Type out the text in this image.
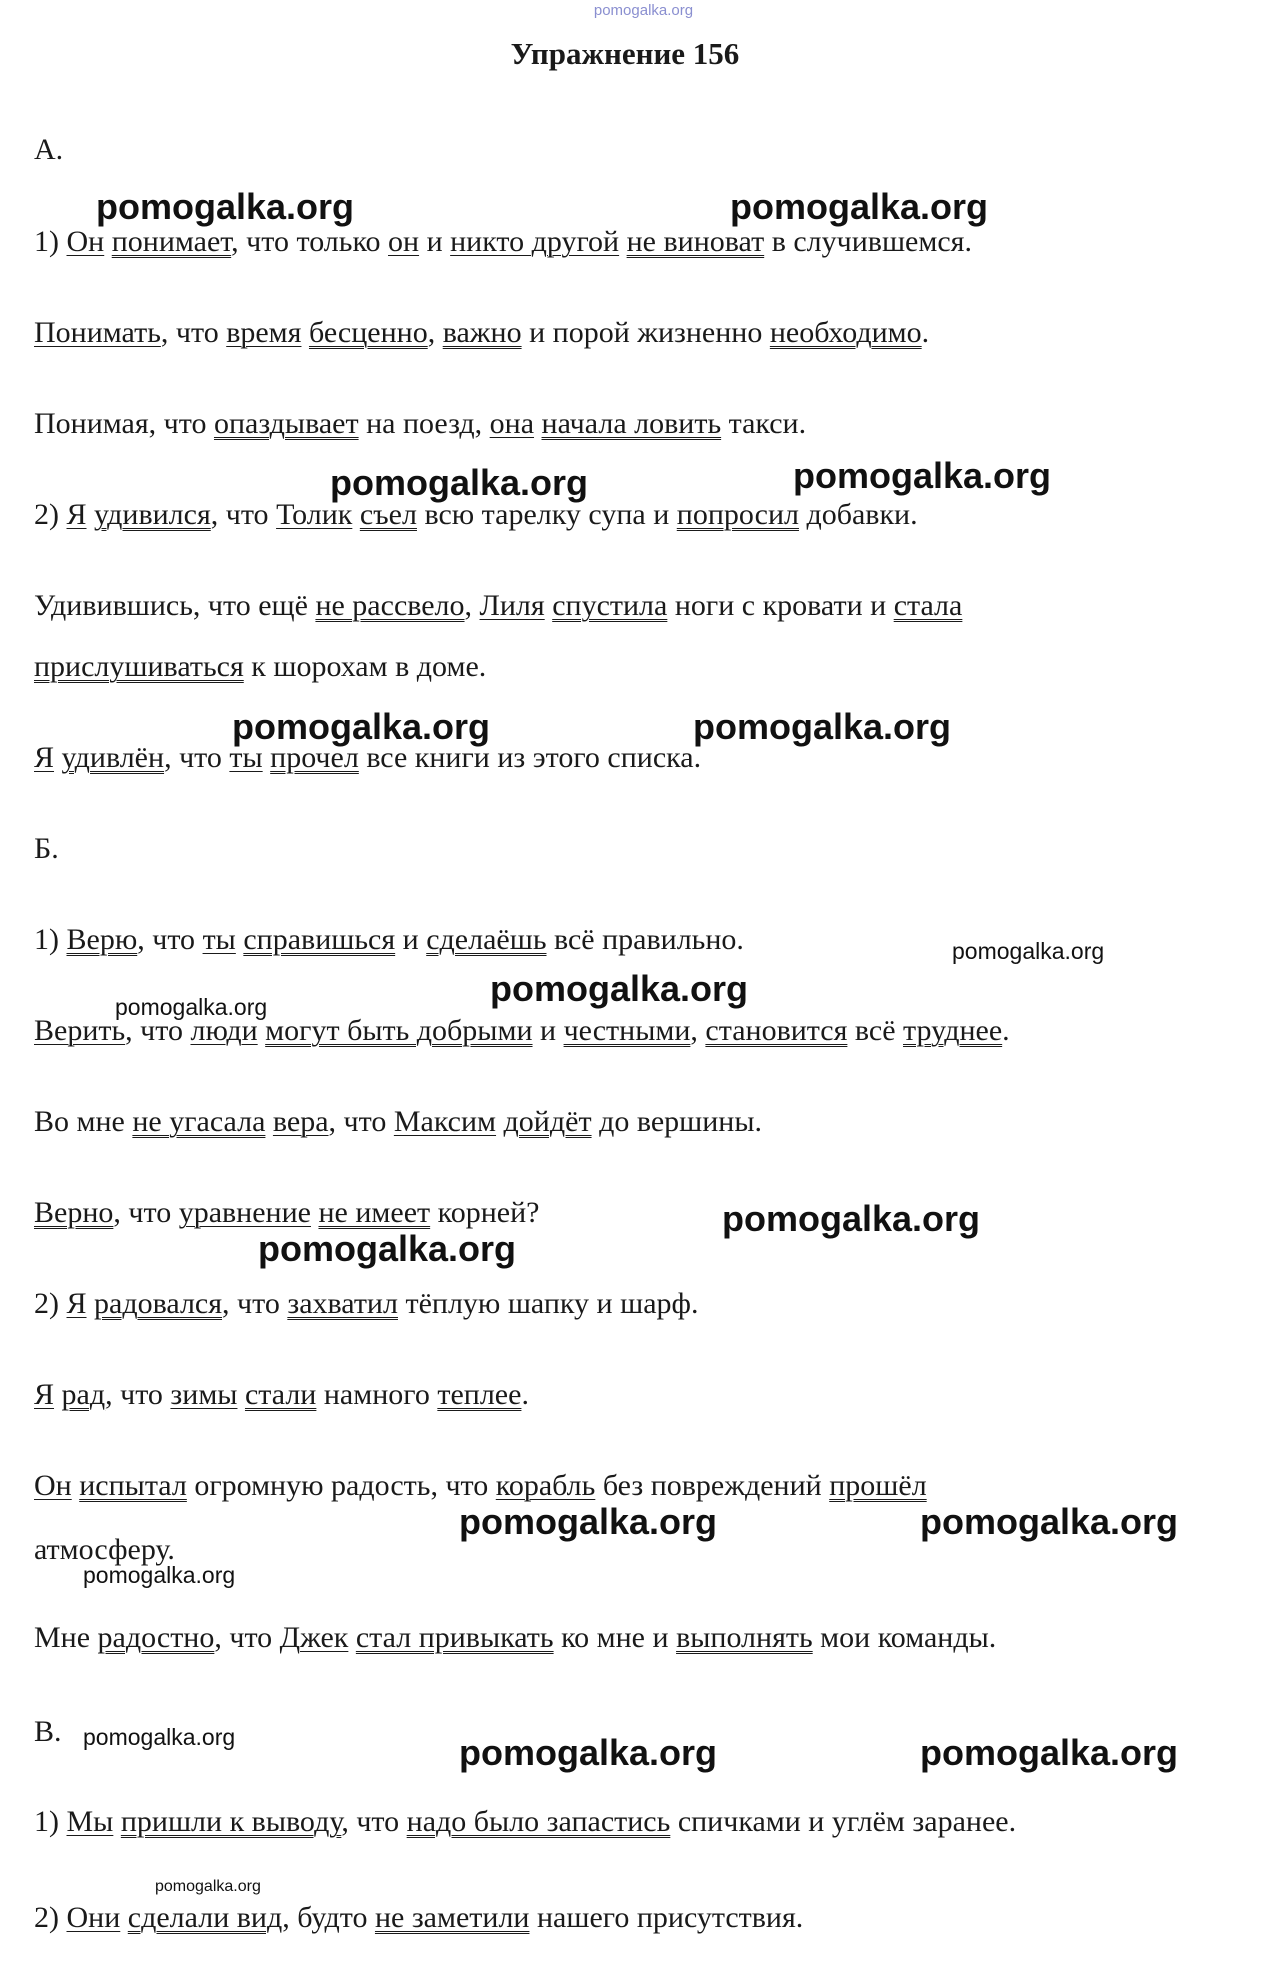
pomogalka.org
Упражнение 156
А.
1) Он понимает, что только он и никто другой не виноват в случившемся.
Понимать, что время бесценно, важно и порой жизненно необходимо.
Понимая, что опаздывает на поезд, она начала ловить такси.
2) Я удивился, что Толик съел всю тарелку супа и попросил добавки.
Удивившись, что ещё не рассвело, Лиля спустила ноги с кровати и стала
прислушиваться к шорохам в доме.
Я удивлён, что ты прочел все книги из этого списка.
Б.
1) Верю, что ты справишься и сделаёшь всё правильно.
Верить, что люди могут быть добрыми и честными, становится всё труднее.
Во мне не угасала вера, что Максим дойдёт до вершины.
Верно, что уравнение не имеет корней?
2) Я радовался, что захватил тёплую шапку и шарф.
Я рад, что зимы стали намного теплее.
Он испытал огромную радость, что корабль без повреждений прошёл
атмосферу.
Мне радостно, что Джек стал привыкать ко мне и выполнять мои команды.
В.
1) Мы пришли к выводу, что надо было запастись спичками и углём заранее.
2) Они сделали вид, будто не заметили нашего присутствия.
pomogalka.org	pomogalka.org
pomogalka.org	pomogalka.org
pomogalka.org	pomogalka.org
pomogalka.org
pomogalka.org
pomogalka.org
pomogalka.org
pomogalka.org
pomogalka.org	pomogalka.org
pomogalka.org
pomogalka.org	pomogalka.org	pomogalka.org
pomogalka.org
